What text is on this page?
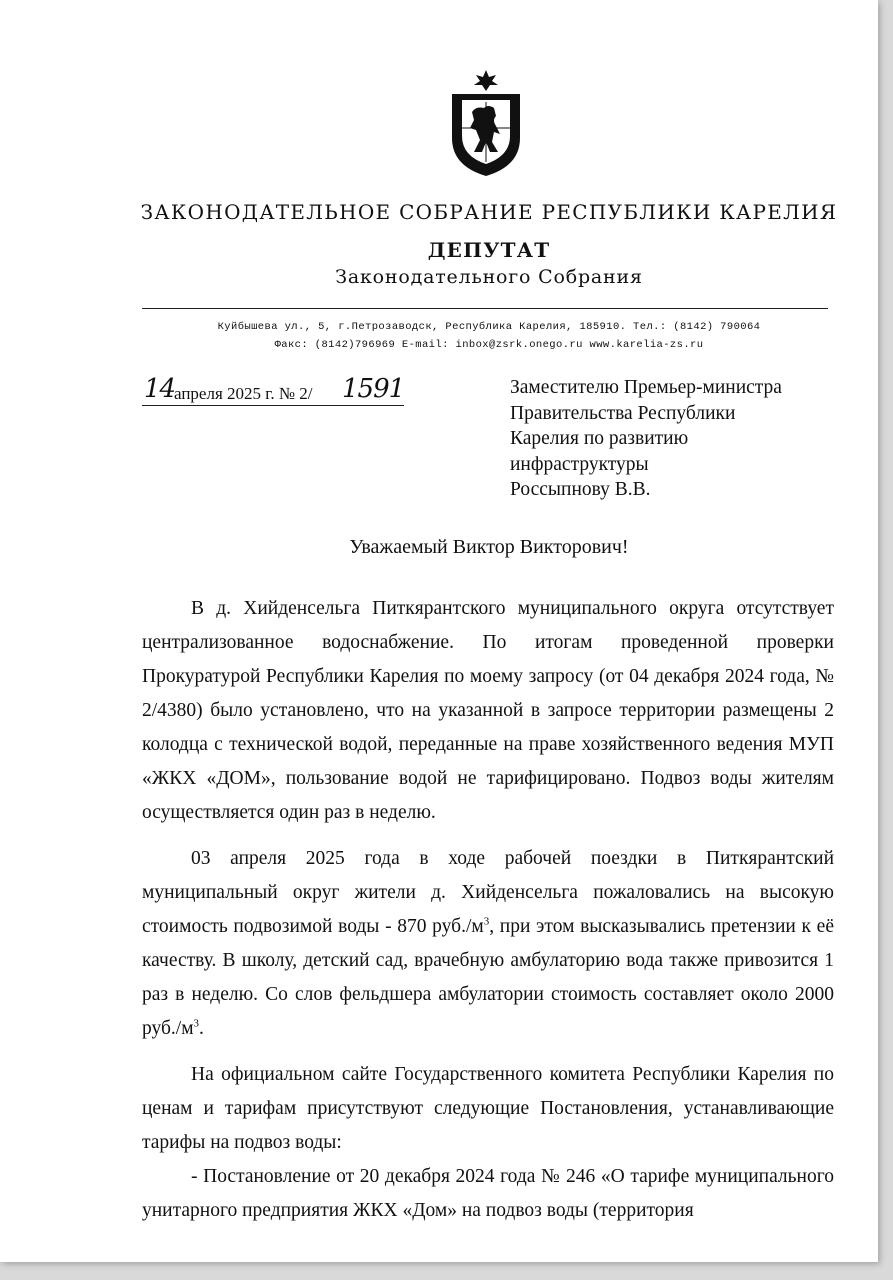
ЗАКОНОДАТЕЛЬНОЕ СОБРАНИЕ РЕСПУБЛИКИ КАРЕЛИЯ
ДЕПУТАТ
Законодательного Собрания
Куйбышева ул., 5, г.Петрозаводск, Республика Карелия, 185910. Тел.: (8142) 790064
Факс: (8142)796969 E-mail: inbox@zsrk.onego.ru www.karelia-zs.ru
14
апреля 2025 г. № 2/ 1591	Заместителю Премьер-министра
Правительства Республики
Карелия по развитию
инфраструктуры
Россыпнову В.В.
Уважаемый Виктор Викторович!

В д. Хийденсельга Питкярантского муниципального округа отсутствует централизованное водоснабжение. По итогам проведенной проверки Прокуратурой Республики Карелия по моему запросу (от 04 декабря 2024 года, № 2/4380) было установлено, что на указанной в запросе территории размещены 2 колодца с технической водой, переданные на праве хозяйственного ведения МУП «ЖКХ «ДОМ», пользование водой не тарифицировано. Подвоз воды жителям осуществляется один раз в неделю.

03 апреля 2025 года в ходе рабочей поездки в Питкярантский муниципальный округ жители д. Хийденсельга пожаловались на высокую стоимость подвозимой воды - 870 $руб./м^3$, при этом высказывались претензии к её качеству. В школу, детский сад, врачебную амбулаторию вода также привозится 1 раз в неделю. Со слов фельдшера амбулатории стоимость составляет около 2000 $руб./м^3$.

На официальном сайте Государственного комитета Республики Карелия по ценам и тарифам присутствуют следующие Постановления, устанавливающие тарифы на подвоз воды:

- Постановление от 20 декабря 2024 года № 246 «О тарифе муниципального унитарного предприятия ЖКХ «Дом» на подвоз воды (территория
